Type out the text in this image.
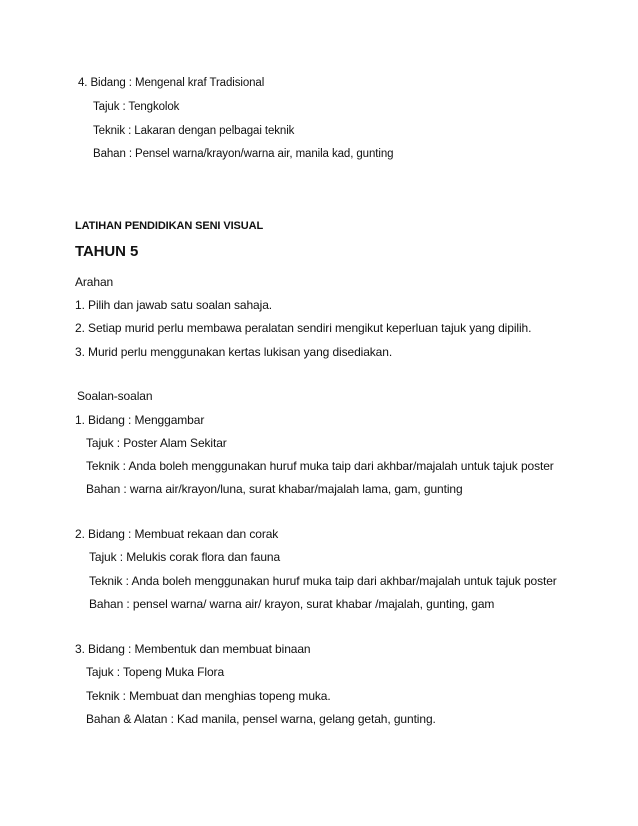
4. Bidang : Mengenal kraf Tradisional
Tajuk : Tengkolok
Teknik : Lakaran dengan pelbagai teknik
Bahan : Pensel warna/krayon/warna air, manila kad, gunting
LATIHAN PENDIDIKAN SENI VISUAL
TAHUN 5
Arahan
1. Pilih dan jawab satu soalan sahaja.
2. Setiap murid perlu membawa peralatan sendiri mengikut keperluan tajuk yang dipilih.
3. Murid perlu menggunakan kertas lukisan yang disediakan.
Soalan-soalan
1. Bidang : Menggambar
Tajuk : Poster Alam Sekitar
Teknik : Anda boleh menggunakan huruf muka taip dari akhbar/majalah untuk tajuk poster
Bahan : warna air/krayon/luna, surat khabar/majalah lama, gam, gunting
2. Bidang : Membuat rekaan dan corak
Tajuk : Melukis corak flora dan fauna
Teknik : Anda boleh menggunakan huruf muka taip dari akhbar/majalah untuk tajuk poster
Bahan : pensel warna/ warna air/ krayon, surat khabar /majalah, gunting, gam
3. Bidang : Membentuk dan membuat binaan
Tajuk : Topeng Muka Flora
Teknik : Membuat dan menghias topeng muka.
Bahan & Alatan : Kad manila, pensel warna, gelang getah, gunting.
